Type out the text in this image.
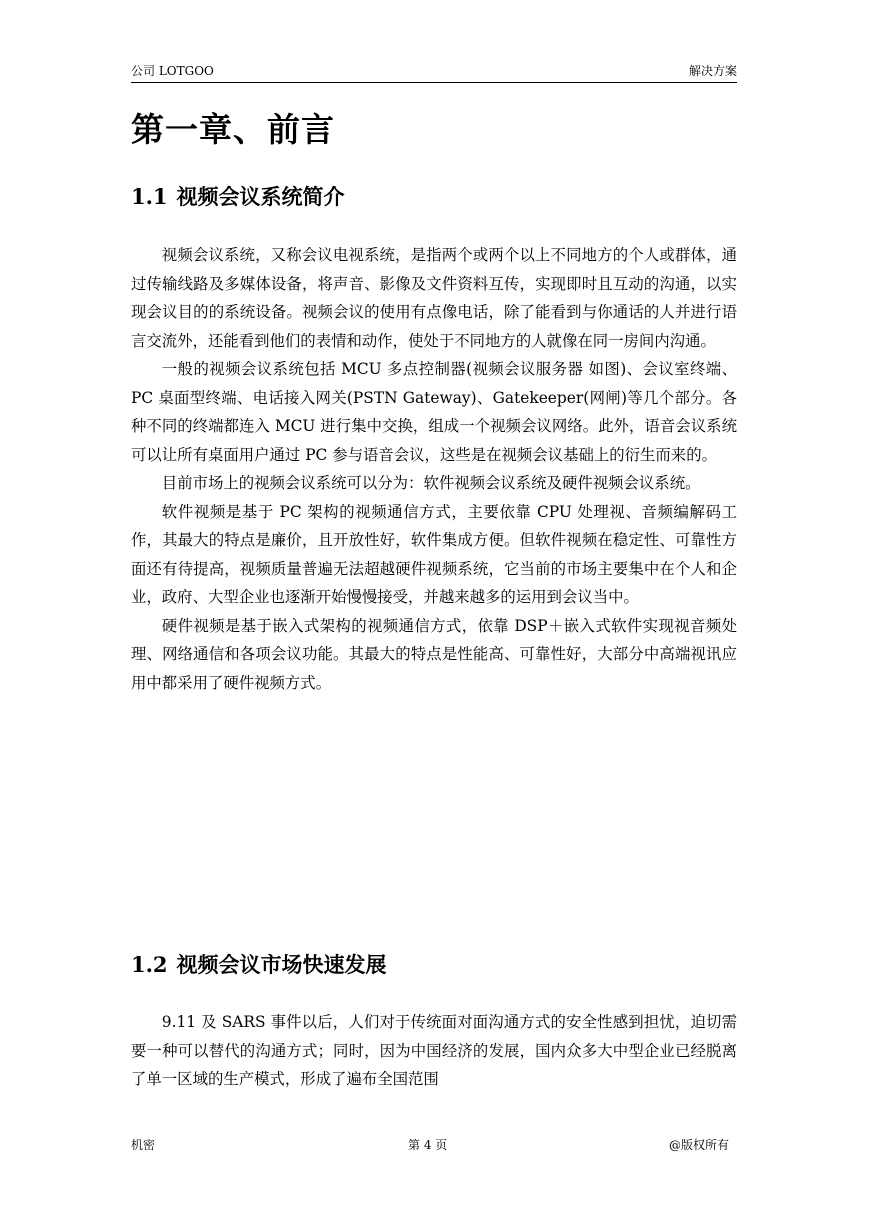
公司 LOTGOO	解决方案
第一章、前言
1.1 视频会议系统简介

视频会议系统，又称会议电视系统，是指两个或两个以上不同地方的个人或群体，通过传输线路及多媒体设备，将声音、影像及文件资料互传，实现即时且互动的沟通，以实现会议目的的系统设备。视频会议的使用有点像电话，除了能看到与你通话的人并进行语言交流外，还能看到他们的表情和动作，使处于不同地方的人就像在同一房间内沟通。

一般的视频会议系统包括 MCU 多点控制器(视频会议服务器 如图)、会议室终端、PC 桌面型终端、电话接入网关(PSTN Gateway)、Gatekeeper(网闸)等几个部分。各种不同的终端都连入 MCU 进行集中交换，组成一个视频会议网络。此外，语音会议系统可以让所有桌面用户通过 PC 参与语音会议，这些是在视频会议基础上的衍生而来的。

目前市场上的视频会议系统可以分为：软件视频会议系统及硬件视频会议系统。

软件视频是基于 PC 架构的视频通信方式，主要依靠 CPU 处理视、音频编解码工作，其最大的特点是廉价，且开放性好，软件集成方便。但软件视频在稳定性、可靠性方面还有待提高，视频质量普遍无法超越硬件视频系统，它当前的市场主要集中在个人和企业，政府、大型企业也逐渐开始慢慢接受，并越来越多的运用到会议当中。

硬件视频是基于嵌入式架构的视频通信方式，依靠 DSP＋嵌入式软件实现视音频处理、网络通信和各项会议功能。其最大的特点是性能高、可靠性好，大部分中高端视讯应用中都采用了硬件视频方式。

1.2 视频会议市场快速发展

9.11 及 SARS 事件以后，人们对于传统面对面沟通方式的安全性感到担忧，迫切需要一种可以替代的沟通方式；同时，因为中国经济的发展，国内众多大中型企业已经脱离了单一区域的生产模式，形成了遍布全国范围

机密	第 4 页	@版权所有
